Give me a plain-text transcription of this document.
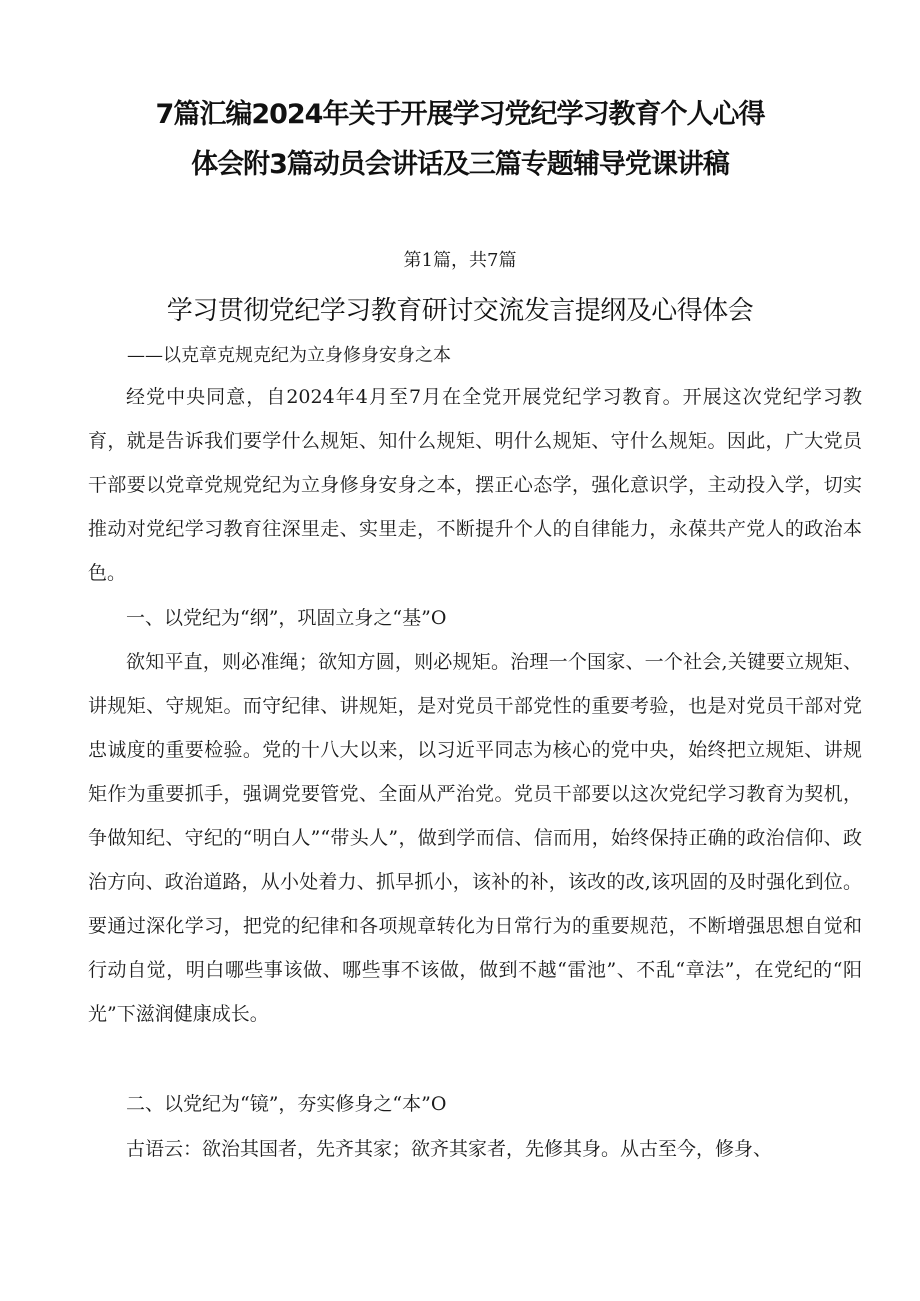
7篇汇编2024年关于开展学习党纪学习教育个人心得
体会附3篇动员会讲话及三篇专题辅导党课讲稿
第1篇，共7篇
学习贯彻党纪学习教育研讨交流发言提纲及心得体会
——以克章克规克纪为立身修身安身之本
经党中央同意，自2024年4月至7月在全党开展党纪学习教育。开展这次党纪学习教育，就是告诉我们要学什么规矩、知什么规矩、明什么规矩、守什么规矩。因此，广大党员干部要以党章党规党纪为立身修身安身之本，摆正心态学，强化意识学，主动投入学，切实推动对党纪学习教育往深里走、实里走，不断提升个人的自律能力，永葆共产党人的政治本色。
一、以党纪为“纲”，巩固立身之“基”O
欲知平直，则必准绳；欲知方圆，则必规矩。治理一个国家、一个社会,关键要立规矩、讲规矩、守规矩。而守纪律、讲规矩，是对党员干部党性的重要考验，也是对党员干部对党忠诚度的重要检验。党的十八大以来，以习近平同志为核心的党中央，始终把立规矩、讲规矩作为重要抓手，强调党要管党、全面从严治党。党员干部要以这次党纪学习教育为契机，争做知纪、守纪的“明白人”“带头人”，做到学而信、信而用，始终保持正确的政治信仰、政治方向、政治道路，从小处着力、抓早抓小，该补的补，该改的改,该巩固的及时强化到位。要通过深化学习，把党的纪律和各项规章转化为日常行为的重要规范，不断增强思想自觉和行动自觉，明白哪些事该做、哪些事不该做，做到不越“雷池”、不乱“章法”，在党纪的“阳光”下滋润健康成长。
二、以党纪为“镜”，夯实修身之“本”O
古语云：欲治其国者，先齐其家；欲齐其家者，先修其身。从古至今，修身、
